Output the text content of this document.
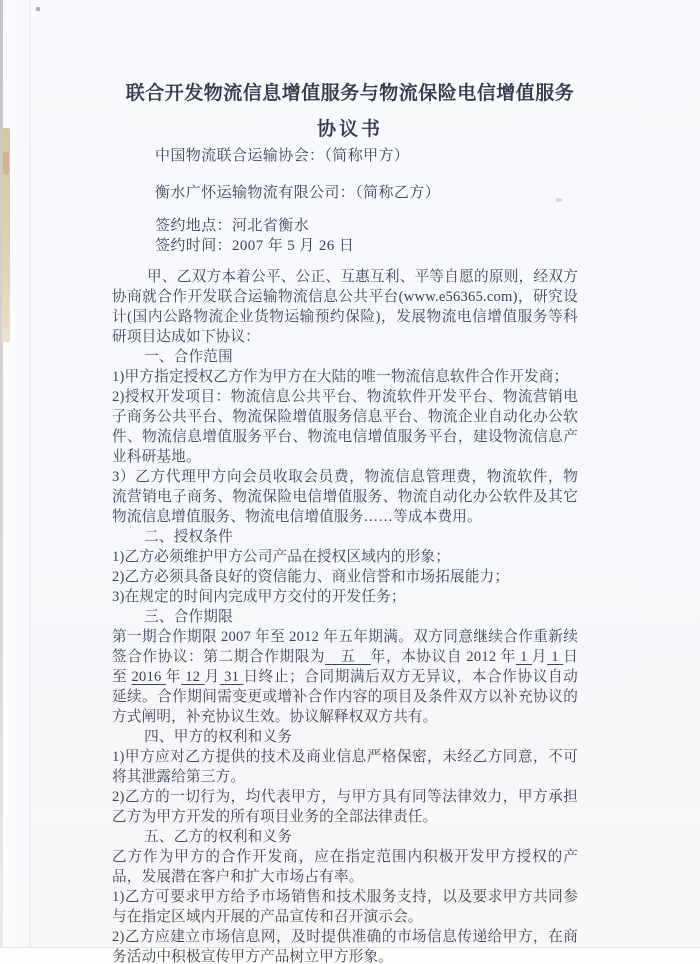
联合开发物流信息增值服务与物流保险电信增值服务
协议书
中国物流联合运输协会：（简称甲方）
衡水广怀运输物流有限公司：（简称乙方）
签约地点：河北省衡水
签约时间：2007 年 5 月 26 日

甲、乙双方本着公平、公正、互惠互利、平等自愿的原则，经双方协商就合作开发联合运输物流信息公共平台(www.e56365.com)，研究设计(国内公路物流企业货物运输预约保险)，发展物流电信增值服务等科研项目达成如下协议：

一、合作范围

1)甲方指定授权乙方作为甲方在大陆的唯一物流信息软件合作开发商；

2)授权开发项目：物流信息公共平台、物流软件开发平台、物流营销电子商务公共平台、物流保险增值服务信息平台、物流企业自动化办公软件、物流信息增值服务平台、物流电信增值服务平台，建设物流信息产业科研基地。

3）乙方代理甲方向会员收取会员费，物流信息管理费，物流软件，物流营销电子商务、物流保险电信增值服务、物流自动化办公软件及其它物流信息增值服务、物流电信增值服务……等成本费用。

二、授权条件

1)乙方必须维护甲方公司产品在授权区域内的形象；

2)乙方必须具备良好的资信能力、商业信誉和市场拓展能力；

3)在规定的时间内完成甲方交付的开发任务；

三、合作期限

第一期合作期限 2007 年至 2012 年五年期满。双方同意继续合作重新续签合作协议：第二期合作期限为　五　年，本协议自 2012 年 1 月 1 日 至 2016 年 12 月 31 日终止；合同期满后双方无异议，本合作协议自动延续。合作期间需变更或增补合作内容的项目及条件双方以补充协议的方式阐明，补充协议生效。协议解释权双方共有。

四、甲方的权利和义务

1)甲方应对乙方提供的技术及商业信息严格保密，未经乙方同意，不可将其泄露给第三方。

2)乙方的一切行为，均代表甲方，与甲方具有同等法律效力，甲方承担乙方为甲方开发的所有项目业务的全部法律责任。

五、乙方的权利和义务

乙方作为甲方的合作开发商，应在指定范围内积极开发甲方授权的产品，发展潜在客户和扩大市场占有率。

1)乙方可要求甲方给予市场销售和技术服务支持，以及要求甲方共同参与在指定区域内开展的产品宣传和召开演示会。

2)乙方应建立市场信息网，及时提供准确的市场信息传递给甲方，在商务活动中积极宣传甲方产品树立甲方形象。
